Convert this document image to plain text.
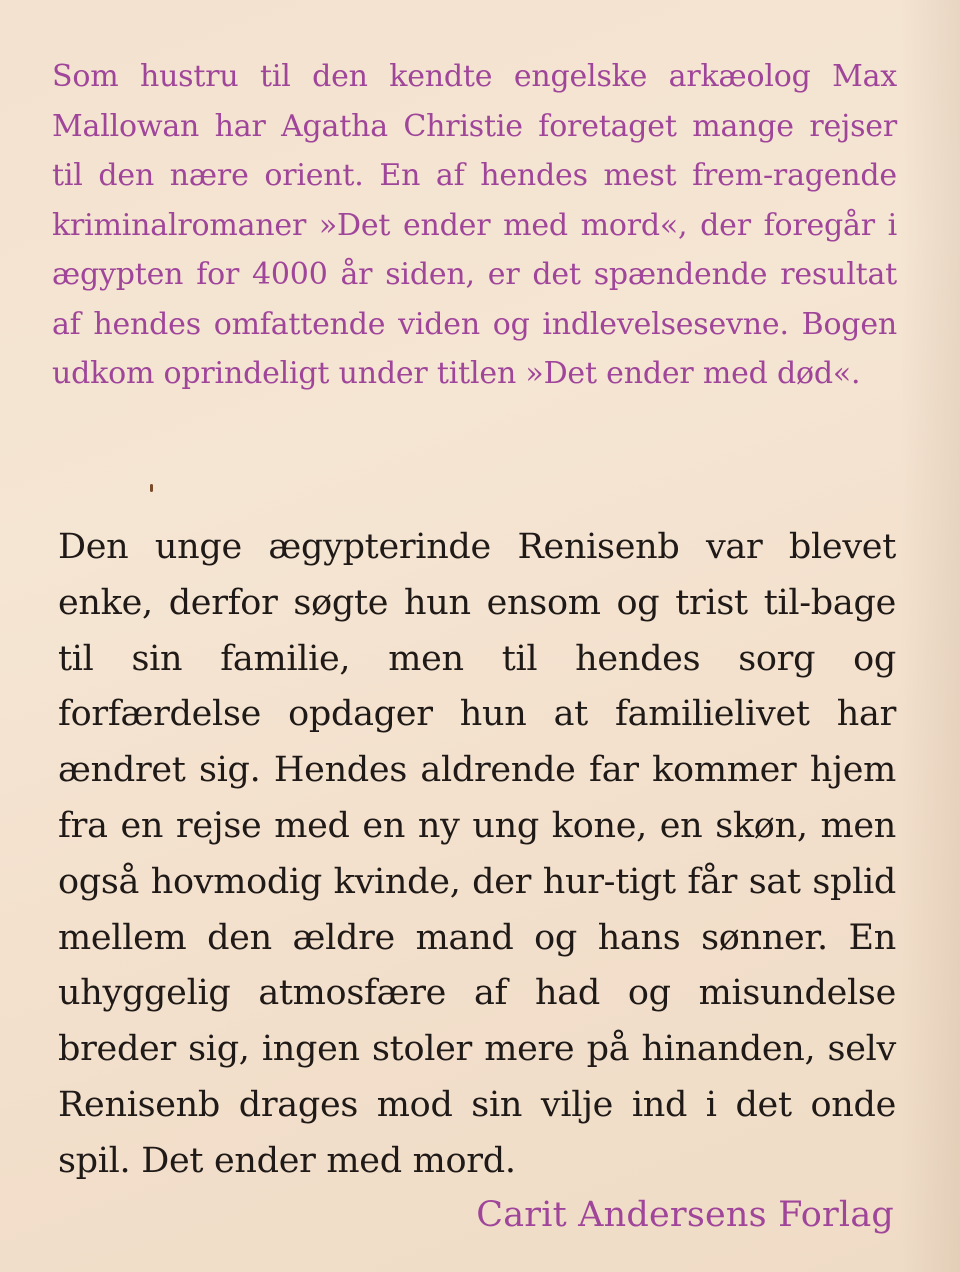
Som hustru til den kendte engelske arkæolog Max Mallowan har Agatha Christie foretaget mange rejser til den nære orient. En af hendes mest frem-ragende kriminalromaner »Det ender med mord«, der foregår i ægypten for 4000 år siden, er det spændende resultat af hendes omfattende viden og indlevelsesevne. Bogen udkom oprindeligt under titlen »Det ender med død«.

Den unge ægypterinde Renisenb var blevet enke, derfor søgte hun ensom og trist til-bage til sin familie, men til hendes sorg og forfærdelse opdager hun at familielivet har ændret sig. Hendes aldrende far kommer hjem fra en rejse med en ny ung kone, en skøn, men også hovmodig kvinde, der hur-tigt får sat splid mellem den ældre mand og hans sønner. En uhyggelig atmosfære af had og misundelse breder sig, ingen stoler mere på hinanden, selv Renisenb drages mod sin vilje ind i det onde spil. Det ender med mord.

Carit Andersens Forlag
